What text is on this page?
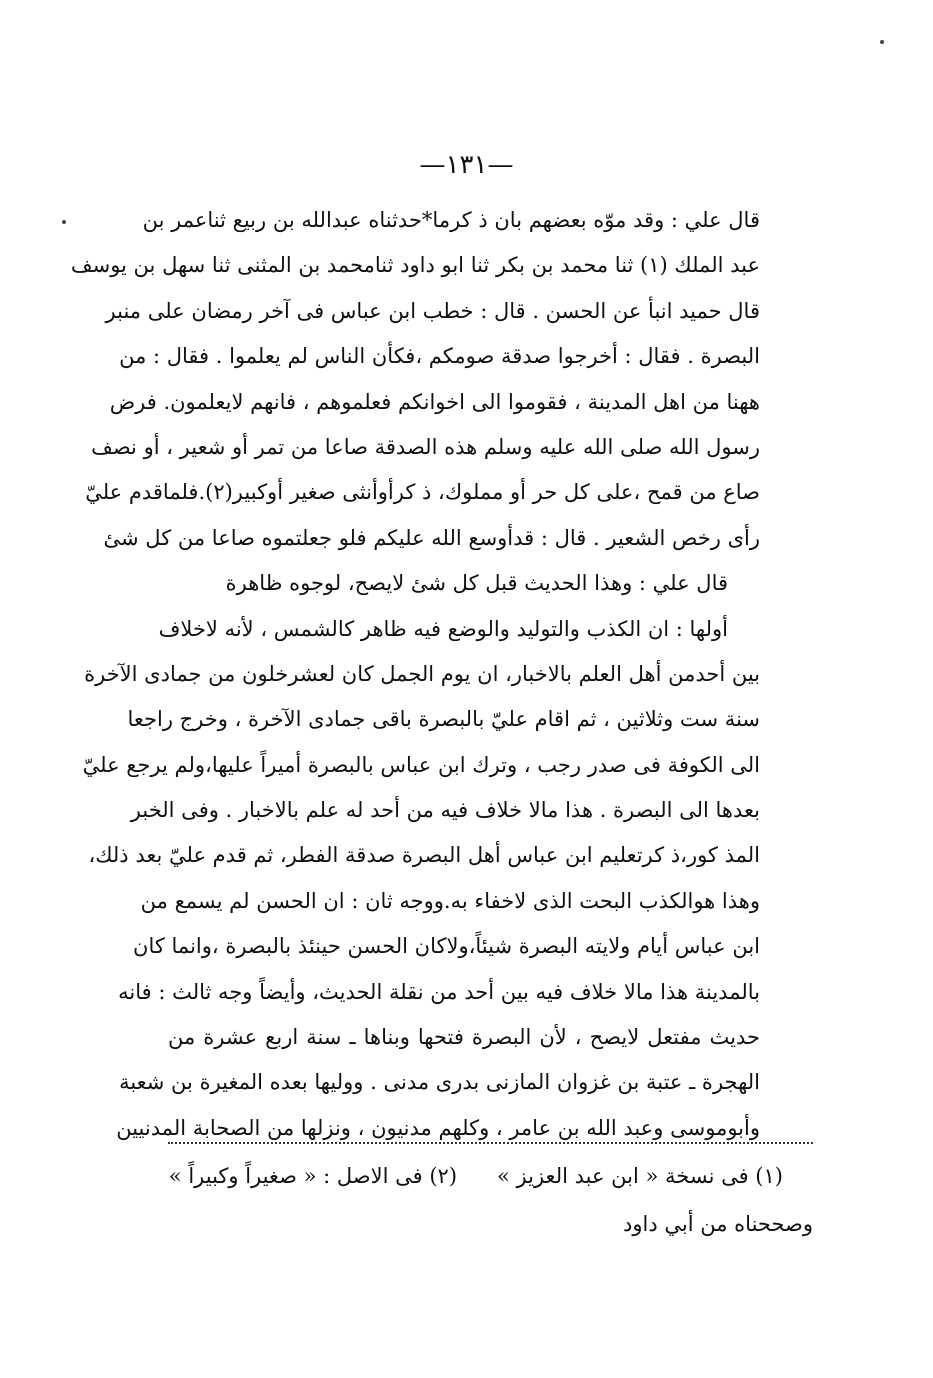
—١٣١—
قال علي : وقد موّه بعضهم بان ذ كرما*حدثناه عبدالله بن ربيع ثناعمر بن
عبد الملك (١) ثنا محمد بن بكر ثنا ابو داود ثنامحمد بن المثنى ثنا سهل بن يوسف
قال حميد انبأ عن الحسن . قال : خطب ابن عباس فى آخر رمضان على منبر
البصرة . فقال : أخرجوا صدقة صومكم ،فكأن الناس لم يعلموا . فقال : من
ههنا من اهل المدينة ، فقوموا الى اخوانكم فعلموهم ، فانهم لايعلمون. فرض
رسول الله صلى الله عليه وسلم هذه الصدقة صاعا من تمر أو شعير ، أو نصف
صاع من قمح ،على كل حر أو مملوك، ذ كرأوأنثى صغير أوكبير(٢).فلماقدم عليّ
رأى رخص الشعير . قال : قدأوسع الله عليكم فلو جعلتموه صاعا من كل شئ
قال علي : وهذا الحديث قبل كل شئ لايصح، لوجوه ظاهرة
أولها : ان الكذب والتوليد والوضع فيه ظاهر كالشمس ، لأنه لاخلاف
بين أحدمن أهل العلم بالاخبار، ان يوم الجمل كان لعشرخلون من جمادى الآخرة
سنة ست وثلاثين ، ثم اقام عليّ بالبصرة باقى جمادى الآخرة ، وخرج راجعا
الى الكوفة فى صدر رجب ، وترك ابن عباس بالبصرة أميراً عليها،ولم يرجع عليّ
بعدها الى البصرة . هذا مالا خلاف فيه من أحد له علم بالاخبار . وفى الخبر
المذ كور،ذ كرتعليم ابن عباس أهل البصرة صدقة الفطر، ثم قدم عليّ بعد ذلك،
وهذا هوالكذب البحت الذى لاخفاء به.ووجه ثان : ان الحسن لم يسمع من
ابن عباس أيام ولايته البصرة شيئاً،ولاكان الحسن حينئذ بالبصرة ،وانما كان
بالمدينة هذا مالا خلاف فيه بين أحد من نقلة الحديث، وأيضاً وجه ثالث : فانه
حديث مفتعل لايصح ، لأن البصرة فتحها وبناها ـ سنة اربع عشرة من
الهجرة ـ عتبة بن غزوان المازنى بدرى مدنى . ووليها بعده المغيرة بن شعبة
وأبوموسى وعبد الله بن عامر ، وكلهم مدنيون ، ونزلها من الصحابة المدنيين
(١) فى نسخة « ابن عبد العزيز »(٢) فى الاصل : « صغيراً وكبيراً »
وصححناه من أبي داود
